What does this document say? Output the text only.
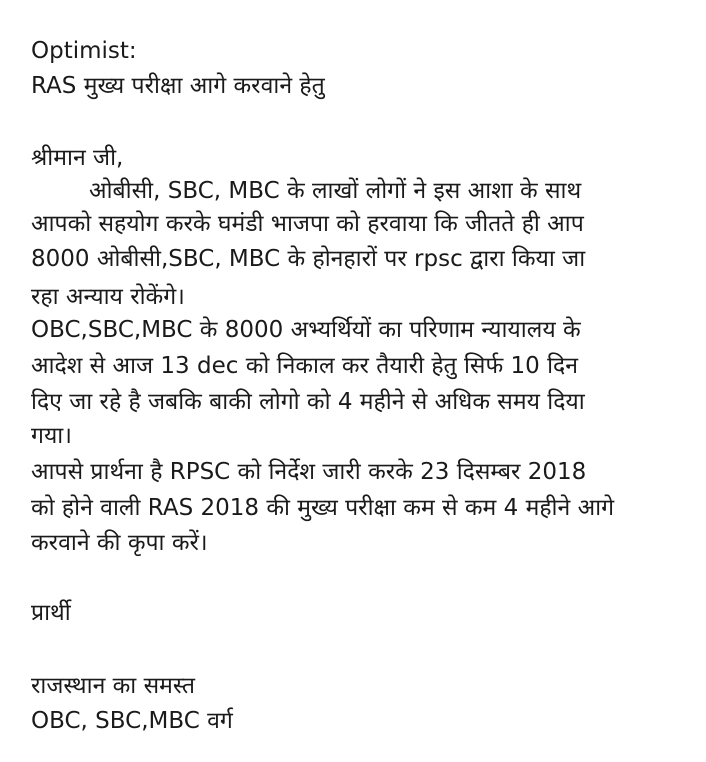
Optimist:
RAS मुख्य परीक्षा आगे करवाने हेतु
श्रीमान जी,
ओबीसी, SBC, MBC के लाखों लोगों ने इस आशा के साथ
आपको सहयोग करके घमंडी भाजपा को हरवाया कि जीतते ही आप
8000 ओबीसी,SBC, MBC के होनहारों पर rpsc द्वारा किया जा
रहा अन्याय रोकेंगे।
OBC,SBC,MBC के 8000 अभ्यर्थियों का परिणाम न्यायालय के
आदेश से आज 13 dec को निकाल कर तैयारी हेतु सिर्फ 10 दिन
दिए जा रहे है जबकि बाकी लोगो को 4 महीने से अधिक समय दिया
गया।
आपसे प्रार्थना है RPSC को निर्देश जारी करके 23 दिसम्बर 2018
को होने वाली RAS 2018 की मुख्य परीक्षा कम से कम 4 महीने आगे
करवाने की कृपा करें।
प्रार्थी
राजस्थान का समस्त
OBC, SBC,MBC वर्ग
